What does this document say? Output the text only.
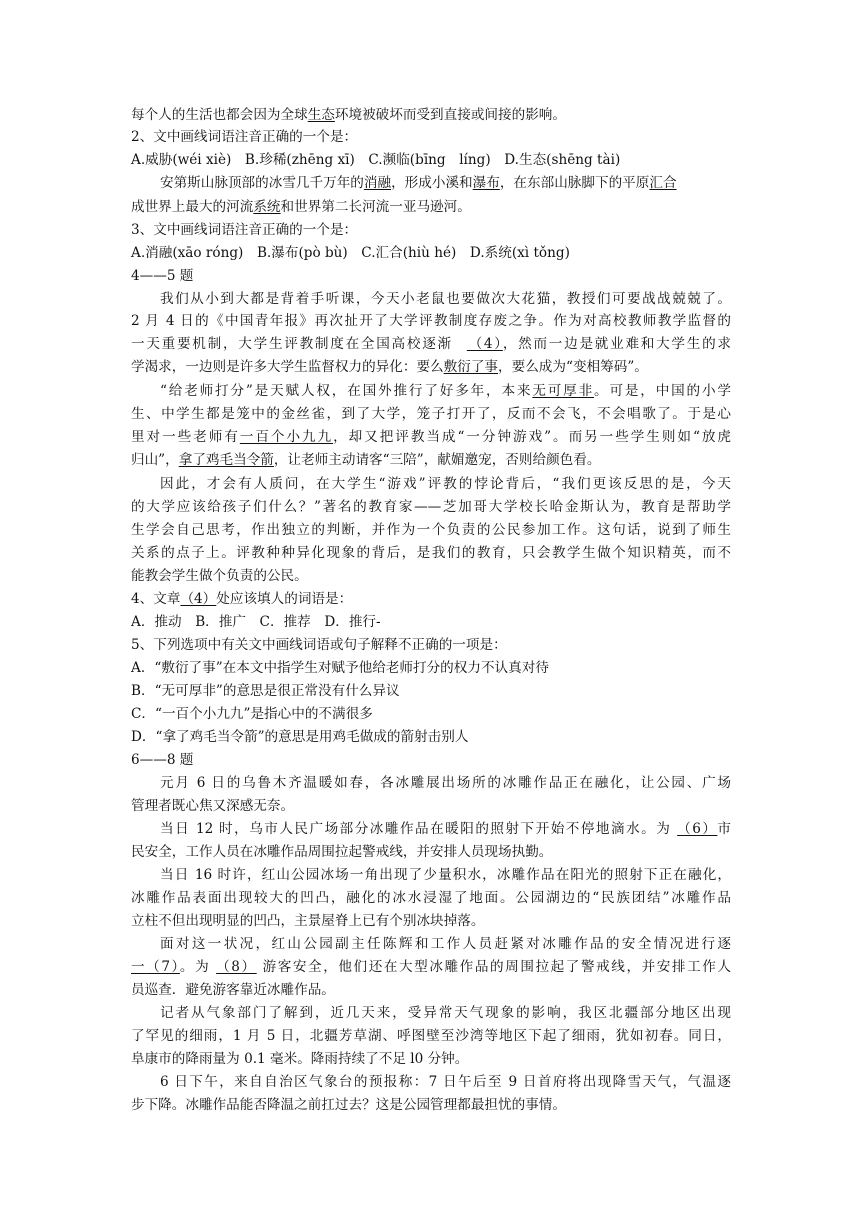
每个人的生活也都会因为全球生态环境被破坏而受到直接或间接的影响。
2、文中画线词语注音正确的一个是：
A.威胁(wéi xiè)　B.珍稀(zhēng xī)　C.濒临(bīng　líng)　D.生态(shēng tài)
安第斯山脉顶部的冰雪几千万年的消融，形成小溪和瀑布，在东部山脉脚下的平原汇合
成世界上最大的河流系统和世界第二长河流一亚马逊河。
3、文中画线词语注音正确的一个是：
A.消融(xāo róng)　B.瀑布(pò bù)　C.汇合(hiù hé)　D.系统(xì tǒng)
4——5 题
我们从小到大都是背着手听课，今天小老鼠也要做次大花猫，教授们可要战战兢兢了。
2 月 4 日的《中国青年报》再次扯开了大学评教制度存废之争。作为对高校教师教学监督的
一天重要机制，大学生评教制度在全国高校逐渐 （4），然而一边是就业难和大学生的求
学渴求，一边则是许多大学生监督权力的异化：要么敷衍了事，要么成为“变相筹码”。
“给老师打分”是天赋人权，在国外推行了好多年，本来无可厚非。可是，中国的小学
生、中学生都是笼中的金丝雀，到了大学，笼子打开了，反而不会飞，不会唱歌了。于是心
里对一些老师有一百个小九九，却又把评教当成“一分钟游戏”。而另一些学生则如“放虎
归山”，拿了鸡毛当令箭，让老师主动请客“三陪”，献媚邀宠，否则给颜色看。
因此，才会有人质问，在大学生“游戏”评教的悖论背后，“我们更该反思的是，今天
的大学应该给孩子们什么？”著名的教育家——芝加哥大学校长哈金斯认为，教育是帮助学
生学会自己思考，作出独立的判断，并作为一个负责的公民参加工作。这句话，说到了师生
关系的点子上。评教种种异化现象的背后，是我们的教育，只会教学生做个知识精英，而不
能教会学生做个负责的公民。
4、文章（4）处应该填人的词语是：
A．推动　B．推广　C．推荐　D．推行-
5、下列选项中有关文中画线词语或句子解释不正确的一项是：
A．“敷衍了事”在本文中指学生对赋予他给老师打分的权力不认真对待
B．“无可厚非”的意思是很正常没有什么异议
C．“一百个小九九”是指心中的不满很多
D．“拿了鸡毛当令箭”的意思是用鸡毛做成的箭射击别人
6——8 题
元月 6 日的乌鲁木齐温暖如春，各冰雕展出场所的冰雕作品正在融化，让公园、广场
管理者既心焦又深感无奈。
当日 12 时，乌市人民广场部分冰雕作品在暖阳的照射下开始不停地滴水。为 （6）市
民安全，工作人员在冰雕作品周围拉起警戒线，并安排人员现场执勤。
当日 16 时许，红山公园冰场一角出现了少量积水，冰雕作品在阳光的照射下正在融化，
冰雕作品表面出现较大的凹凸，融化的冰水浸湿了地面。公园湖边的“民族团结”冰雕作品
立柱不但出现明显的凹凸，主景屋脊上已有个别冰块掉落。
面对这一状况，红山公园副主任陈辉和工作人员赶紧对冰雕作品的安全情况进行逐
一（7）。为 （8） 游客安全，他们还在大型冰雕作品的周围拉起了警戒线，并安排工作人
员巡查．避免游客靠近冰雕作品。
记者从气象部门了解到，近几天来，受异常天气现象的影响，我区北疆部分地区出现
了罕见的细雨，1 月 5 日，北疆芳草湖、呼图壁至沙湾等地区下起了细雨，犹如初春。同日，
阜康市的降雨量为 0.1 毫米。降雨持续了不足 l0 分钟。
6 日下午，来自自治区气象台的预报称：7 日午后至 9 日首府将出现降雪天气，气温逐
步下降。冰雕作品能否降温之前扛过去？这是公园管理都最担忧的事情。
